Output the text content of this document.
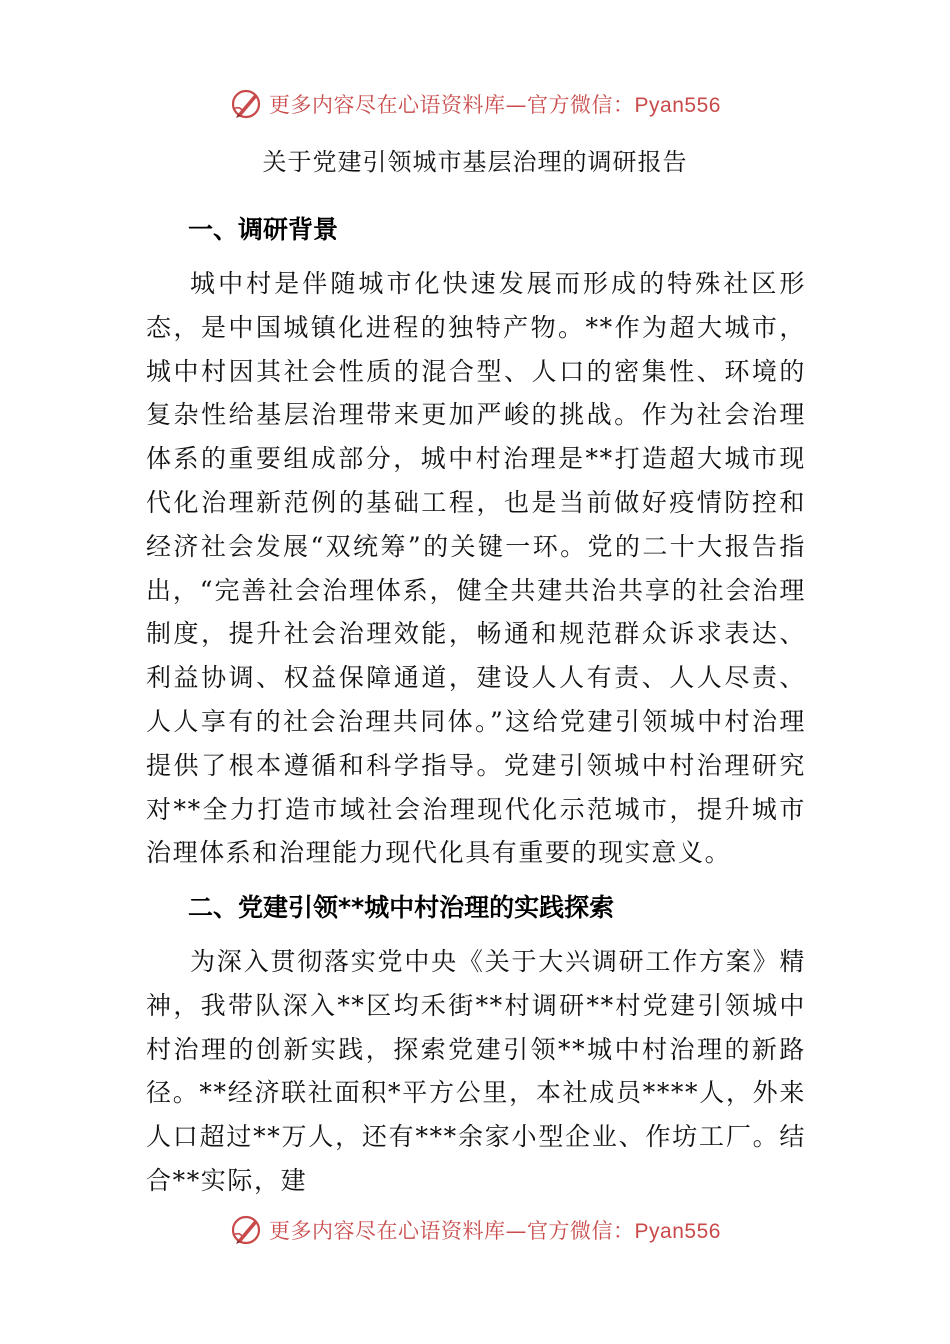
更多内容尽在心语资料库—官方微信：Pyan556
关于党建引领城市基层治理的调研报告
一、调研背景

城中村是伴随城市化快速发展而形成的特殊社区形态，是中国城镇化进程的独特产物。**作为超大城市，城中村因其社会性质的混合型、人口的密集性、环境的复杂性给基层治理带来更加严峻的挑战。作为社会治理体系的重要组成部分，城中村治理是**打造超大城市现代化治理新范例的基础工程，也是当前做好疫情防控和经济社会发展“双统筹”的关键一环。党的二十大报告指出，“完善社会治理体系，健全共建共治共享的社会治理制度，提升社会治理效能，畅通和规范群众诉求表达、利益协调、权益保障通道，建设人人有责、人人尽责、人人享有的社会治理共同体。”这给党建引领城中村治理提供了根本遵循和科学指导。党建引领城中村治理研究对**全力打造市域社会治理现代化示范城市，提升城市治理体系和治理能力现代化具有重要的现实意义。

二、党建引领**城中村治理的实践探索

为深入贯彻落实党中央《关于大兴调研工作方案》精神，我带队深入**区均禾街**村调研**村党建引领城中村治理的创新实践，探索党建引领**城中村治理的新路径。**经济联社面积*平方公里，本社成员****人，外来人口超过**万人，还有***余家小型企业、作坊工厂。结合**实际，建

更多内容尽在心语资料库—官方微信：Pyan556
